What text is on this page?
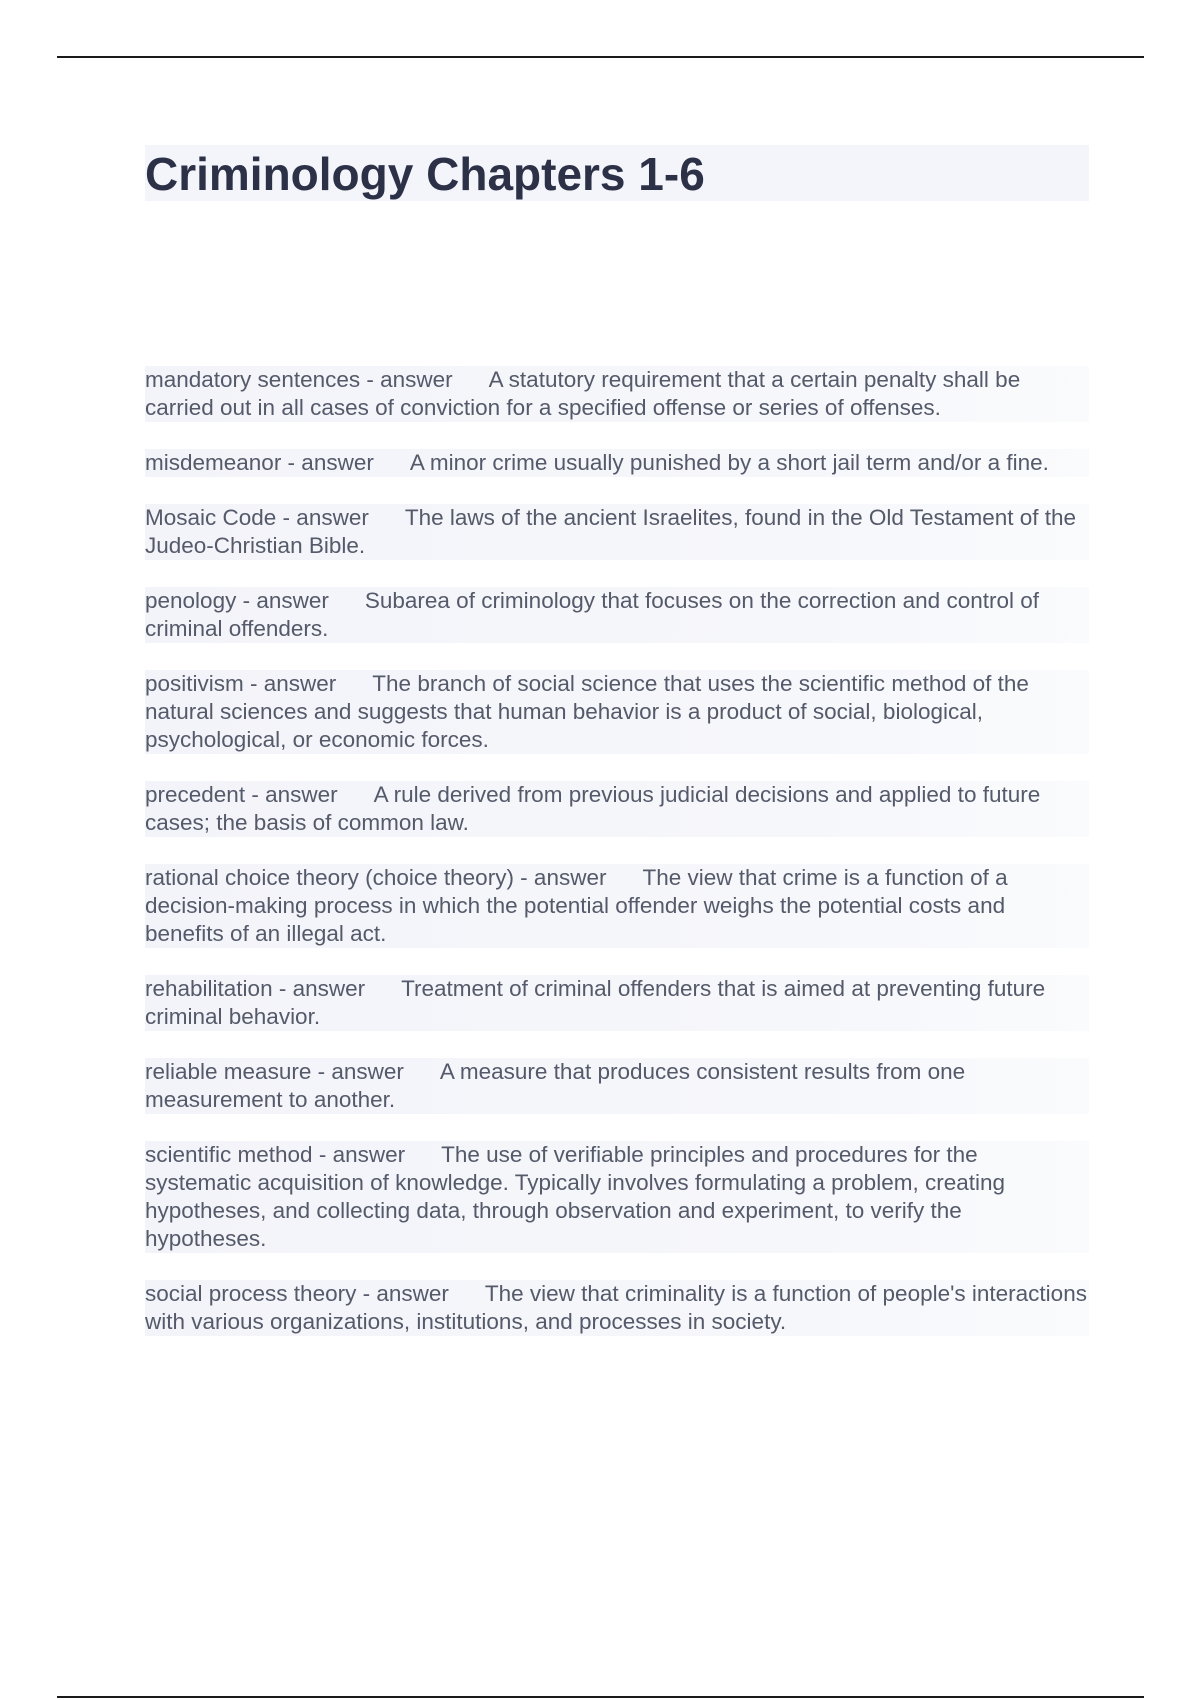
Criminology Chapters 1-6

mandatory sentences - answer A statutory requirement that a certain penalty shall be carried out in all cases of conviction for a specified offense or series of offenses.

misdemeanor - answer A minor crime usually punished by a short jail term and/or a fine.

Mosaic Code - answer The laws of the ancient Israelites, found in the Old Testament of the Judeo-Christian Bible.

penology - answer Subarea of criminology that focuses on the correction and control of criminal offenders.

positivism - answer The branch of social science that uses the scientific method of the natural sciences and suggests that human behavior is a product of social, biological, psychological, or economic forces.

precedent - answer A rule derived from previous judicial decisions and applied to future cases; the basis of common law.

rational choice theory (choice theory) - answer The view that crime is a function of a decision-making process in which the potential offender weighs the potential costs and benefits of an illegal act.

rehabilitation - answer Treatment of criminal offenders that is aimed at preventing future criminal behavior.

reliable measure - answer A measure that produces consistent results from one measurement to another.

scientific method - answer The use of verifiable principles and procedures for the systematic acquisition of knowledge. Typically involves formulating a problem, creating hypotheses, and collecting data, through observation and experiment, to verify the hypotheses.

social process theory - answer The view that criminality is a function of people's interactions with various organizations, institutions, and processes in society.
